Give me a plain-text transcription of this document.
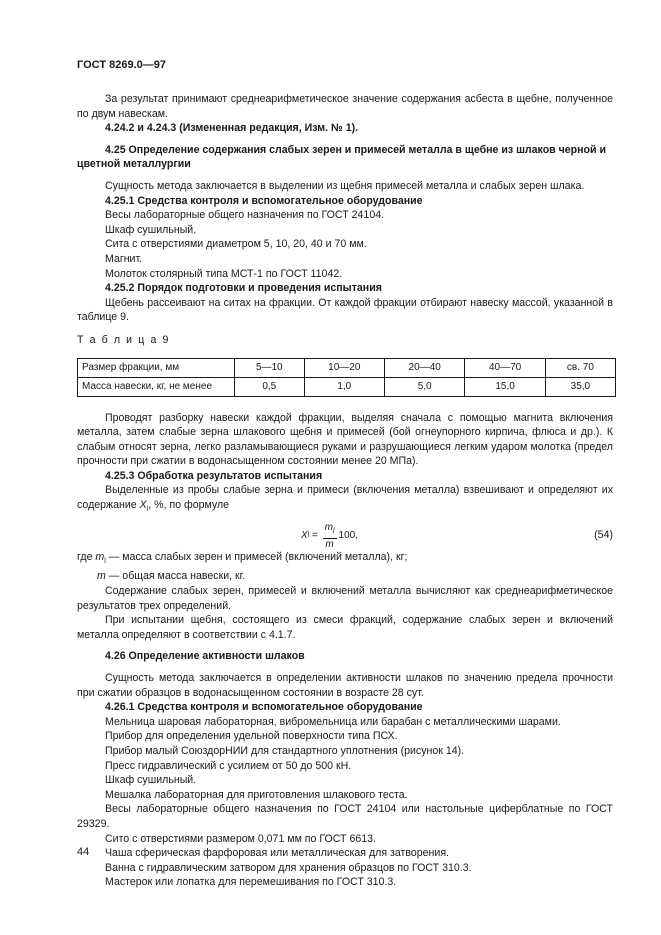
ГОСТ 8269.0—97

За результат принимают среднеарифметическое значение содержания асбеста в щебне, полученное по двум навескам.

4.24.2 и 4.24.3 (Измененная редакция, Изм. № 1).

4.25 Определение содержания слабых зерен и примесей металла в щебне из шлаков черной и цветной металлургии

Сущность метода заключается в выделении из щебня примесей металла и слабых зерен шлака.

4.25.1 Средства контроля и вспомогательное оборудование

Весы лабораторные общего назначения по ГОСТ 24104.

Шкаф сушильный.

Сита с отверстиями диаметром 5, 10, 20, 40 и 70 мм.

Магнит.

Молоток столярный типа МСТ-1 по ГОСТ 11042.

4.25.2 Порядок подготовки и проведения испытания

Щебень рассеивают на ситах на фракции. От каждой фракции отбирают навеску массой, указанной в таблице 9.

Т а б л и ц а 9

Размер фракции, мм	5—10	10—20	20—40	40—70	св. 70
Масса навески, кг, не менее	0,5	1,0	5,0	15,0	35,0

Проводят разборку навески каждой фракции, выделяя сначала с помощью магнита включения металла, затем слабые зерна шлакового щебня и примесей (бой огнеупорного кирпича, флюса и др.). К слабым относят зерна, легко разламывающиеся руками и разрушающиеся легким ударом молотка (предел прочности при сжатии в водонасыщенном состоянии менее 20 МПа).

4.25.3 Обработка результатов испытания

Выделенные из пробы слабые зерна и примеси (включения металла) взвешивают и определяют их содержание $X_l$, %, по формуле

X $l = \frac{m_l}{m} 100$,	(54)

где $m_l$ — масса слабых зерен и примесей (включений металла), кг;

m — общая масса навески, кг.

Содержание слабых зерен, примесей и включений металла вычисляют как среднеарифметическое результатов трех определений.

При испытании щебня, состоящего из смеси фракций, содержание слабых зерен и включений металла определяют в соответствии с 4.1.7.

4.26 Определение активности шлаков

Сущность метода заключается в определении активности шлаков по значению предела прочности при сжатии образцов в водонасыщенном состоянии в возрасте 28 сут.

4.26.1 Средства контроля и вспомогательное оборудование

Мельница шаровая лабораторная, вибромельница или барабан с металлическими шарами.

Прибор для определения удельной поверхности типа ПСХ.

Прибор малый СоюздорНИИ для стандартного уплотнения (рисунок 14).

Пресс гидравлический с усилием от 50 до 500 кН.

Шкаф сушильный.

Мешалка лабораторная для приготовления шлакового теста.

Весы лабораторные общего назначения по ГОСТ 24104 или настольные циферблатные по ГОСТ 29329.

Сито с отверстиями размером 0,071 мм по ГОСТ 6613.

Чаша сферическая фарфоровая или металлическая для затворения.

Ванна с гидравлическим затвором для хранения образцов по ГОСТ 310.3.

Мастерок или лопатка для перемешивания по ГОСТ 310.3.

44
